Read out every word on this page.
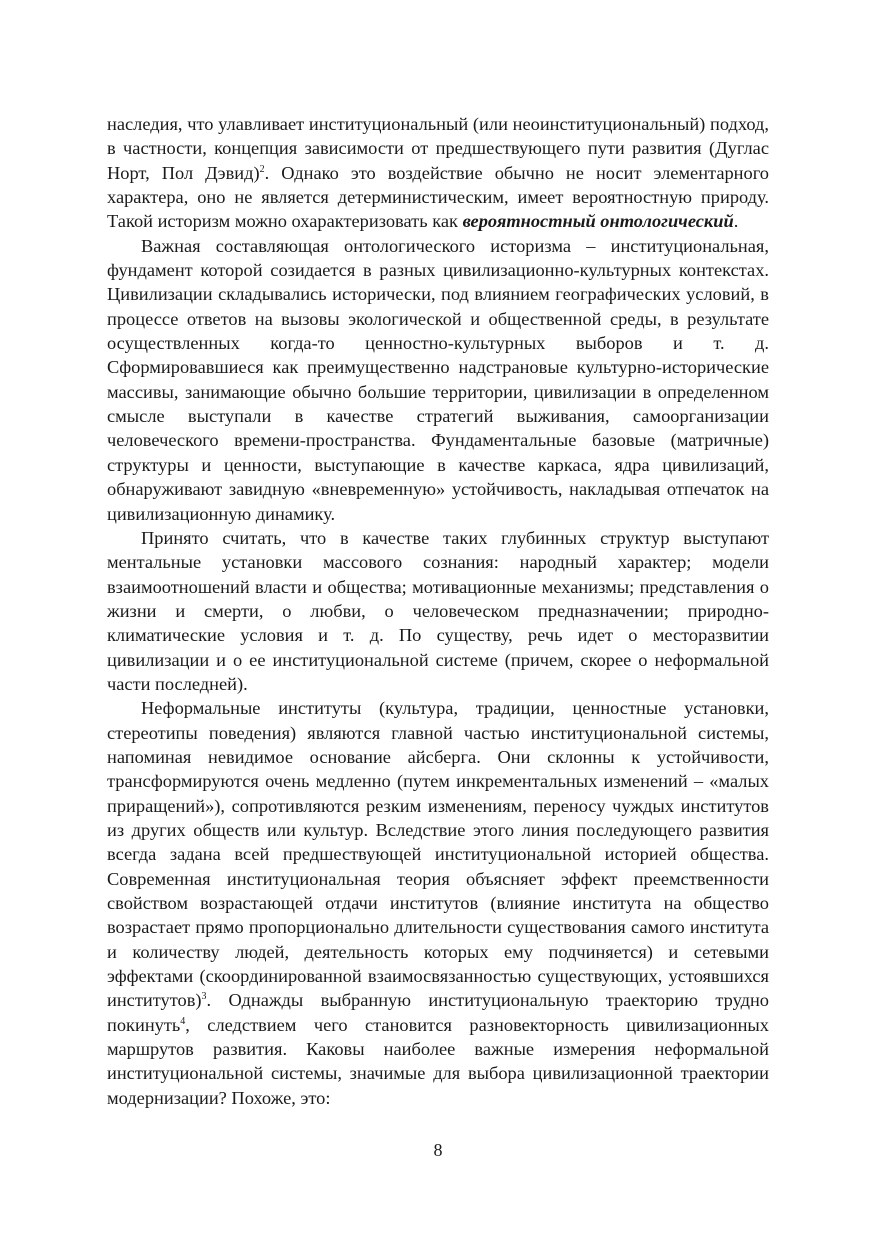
наследия, что улавливает институциональный (или неоинституциональный) подход, в частности, концепция зависимости от предшествующего пути развития (Дуглас Норт, Пол Дэвид)$^2$. Однако это воздействие обычно не носит элементарного характера, оно не является детерминистическим, имеет вероятностную природу. Такой историзм можно охарактеризовать как вероятностный онтологический.

Важная составляющая онтологического историзма – институциональная, фундамент которой созидается в разных цивилизационно-культурных контекстах. Цивилизации складывались исторически, под влиянием географических условий, в процессе ответов на вызовы экологической и общественной среды, в результате осуществленных когда-то ценностно-культурных выборов и т. д. Сформировавшиеся как преимущественно надстрановые культурно-исторические массивы, занимающие обычно большие территории, цивилизации в определенном смысле выступали в качестве стратегий выживания, самоорганизации человеческого времени-пространства. Фундаментальные базовые (матричные) структуры и ценности, выступающие в качестве каркаса, ядра цивилизаций, обнаруживают завидную «вневременную» устойчивость, накладывая отпечаток на цивилизационную динамику.

Принято считать, что в качестве таких глубинных структур выступают ментальные установки массового сознания: народный характер; модели взаимоотношений власти и общества; мотивационные механизмы; представления о жизни и смерти, о любви, о человеческом предназначении; природно-климатические условия и т. д. По существу, речь идет о месторазвитии цивилизации и о ее институциональной системе (причем, скорее о неформальной части последней).

Неформальные институты (культура, традиции, ценностные установки, стереотипы поведения) являются главной частью институциональной системы, напоминая невидимое основание айсберга. Они склонны к устойчивости, трансформируются очень медленно (путем инкрементальных изменений – «малых приращений»), сопротивляются резким изменениям, переносу чуждых институтов из других обществ или культур. Вследствие этого линия последующего развития всегда задана всей предшествующей институциональной историей общества. Современная институциональная теория объясняет эффект преемственности свойством возрастающей отдачи институтов (влияние института на общество возрастает прямо пропорционально длительности существования самого института и количеству людей, деятельность которых ему подчиняется) и сетевыми эффектами (скоординированной взаимосвязанностью существующих, устоявшихся институтов)$^3$. Однажды выбранную институциональную траекторию трудно покинуть$^4$, следствием чего становится разновекторность цивилизационных маршрутов развития. Каковы наиболее важные измерения неформальной институциональной системы, значимые для выбора цивилизационной траектории модернизации? Похоже, это:

8
